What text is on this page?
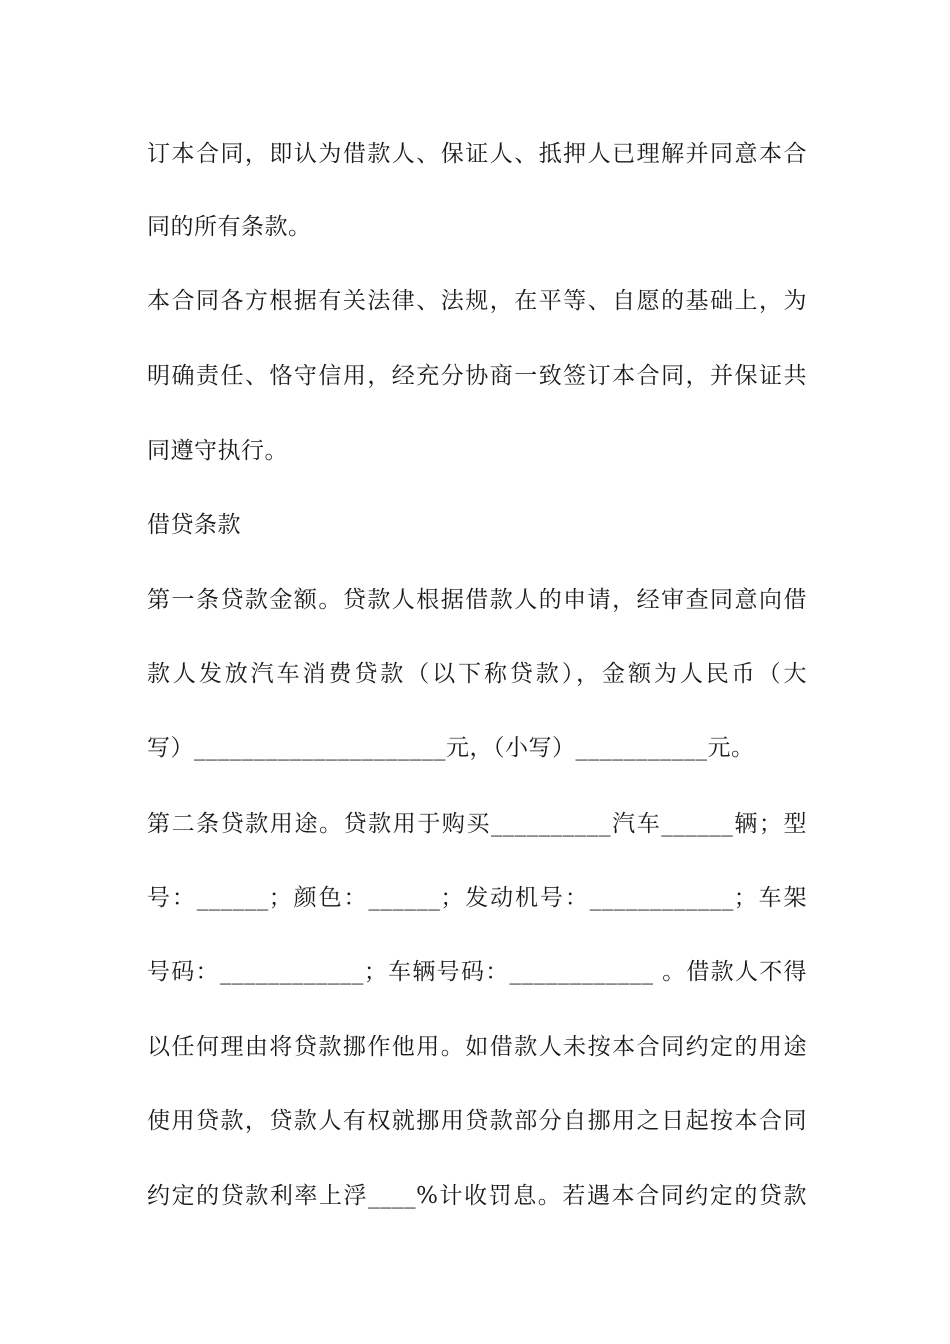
订本合同，即认为借款人、保证人、抵押人已理解并同意本合
同的所有条款。
本合同各方根据有关法律、法规，在平等、自愿的基础上，为
明确责任、恪守信用，经充分协商一致签订本合同，并保证共
同遵守执行。
借贷条款
第一条贷款金额。贷款人根据借款人的申请，经审查同意向借
款人发放汽车消费贷款（以下称贷款），金额为人民币（大
写）_____________________元，（小写）___________元。
第二条贷款用途。贷款用于购买__________汽车______辆；型
号：______；颜色：______；发动机号：____________；车架
号码：____________；车辆号码：____________ 。借款人不得
以任何理由将贷款挪作他用。如借款人未按本合同约定的用途
使用贷款，贷款人有权就挪用贷款部分自挪用之日起按本合同
约定的贷款利率上浮____%计收罚息。若遇本合同约定的贷款
